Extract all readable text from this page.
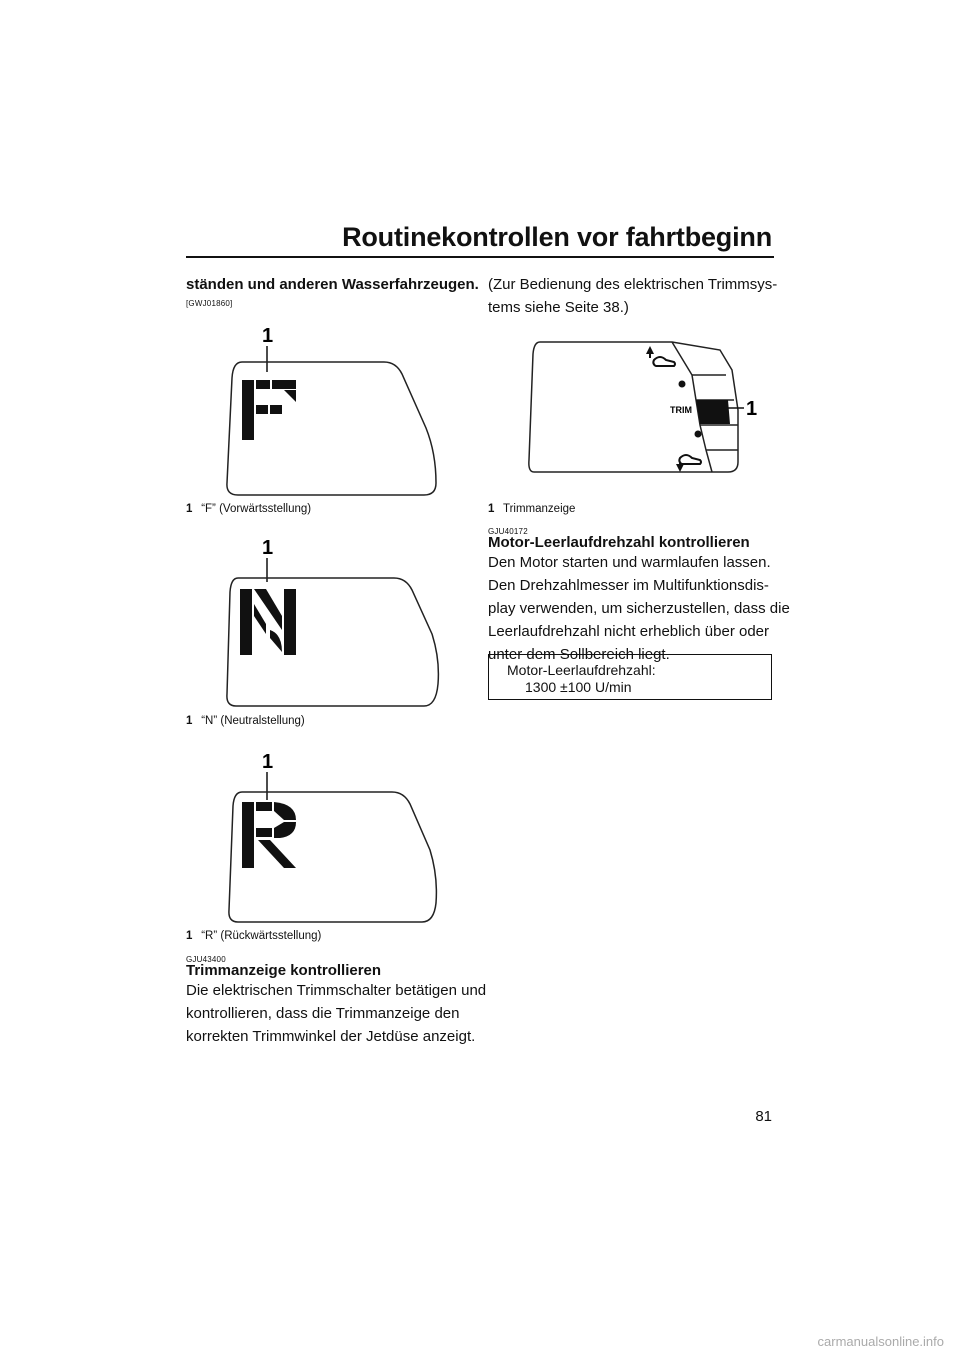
Routinekontrollen vor fahrtbeginn
ständen und anderen Wasserfahrzeugen.
[GWJ01860]
1
1 “F” (Vorwärtsstellung)
1
1 “N” (Neutralstellung)
1
1 “R” (Rückwärtsstellung)
GJU43400
Trimmanzeige kontrollieren
Die elektrischen Trimmschalter betätigen und
kontrollieren, dass die Trimmanzeige den
korrekten Trimmwinkel der Jetdüse anzeigt.
(Zur Bedienung des elektrischen Trimmsys-
tems siehe Seite 38.)
TRIM	1
1 Trimmanzeige
GJU40172
Motor-Leerlaufdrehzahl kontrollieren
Den Motor starten und warmlaufen lassen.
Den Drehzahlmesser im Multifunktionsdis-
play verwenden, um sicherzustellen, dass die
Leerlaufdrehzahl nicht erheblich über oder
unter dem Sollbereich liegt.
Motor-Leerlaufdrehzahl:
1300 ±100 U/min
81
carmanualsonline.info
